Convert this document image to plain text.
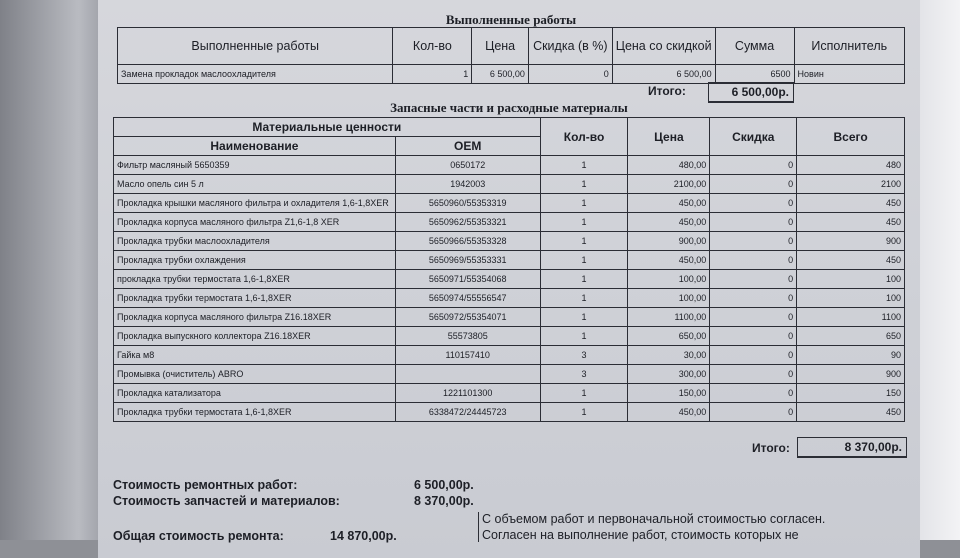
Выполненные работы
Выполненные работы	Кол-во	Цена	Скидка (в %)	Цена со скидкой	Сумма	Исполнитель
Замена прокладок маслоохладителя	1	6 500,00	0	6 500,00	6500	Новин
Итого:	6 500,00р.
Запасные части и расходные материалы
Материальные ценности		Кол-во	Цена	Скидка	Всего
Наименование	OEM				
Фильтр масляный 5650359	0650172	1	480,00	0	480
Масло опель син 5 л	1942003	1	2100,00	0	2100
Прокладка крышки масляного фильтра и охладителя 1,6-1,8XER	5650960/55353319	1	450,00	0	450
Прокладка корпуса масляного фильтра Z1,6-1,8 XER	5650962/55353321	1	450,00	0	450
Прокладка трубки маслоохладителя	5650966/55353328	1	900,00	0	900
Прокладка трубки охлаждения	5650969/55353331	1	450,00	0	450
прокладка трубки термостата 1,6-1,8XER	5650971/55354068	1	100,00	0	100
Прокладка трубки термостата 1,6-1,8XER	5650974/55556547	1	100,00	0	100
Прокладка корпуса масляного фильтра Z16.18XER	5650972/55354071	1	1100,00	0	1100
Прокладка выпускного коллектора Z16.18XER	55573805	1	650,00	0	650
Гайка м8	110157410	3	30,00	0	90
Промывка (очиститель) ABRO		3	300,00	0	900
Прокладка катализатора	1221101300	1	150,00	0	150
Прокладка трубки термостата 1,6-1,8XER	6338472/24445723	1	450,00	0	450
Итого:	8 370,00р.
Стоимость ремонтных работ:	6 500,00р.
Стоимость запчастей и материалов:	8 370,00р.
Общая стоимость ремонта:	14 870,00р.
С объемом работ и первоначальной стоимостью согласен.
Согласен на выполнение работ, стоимость которых не
